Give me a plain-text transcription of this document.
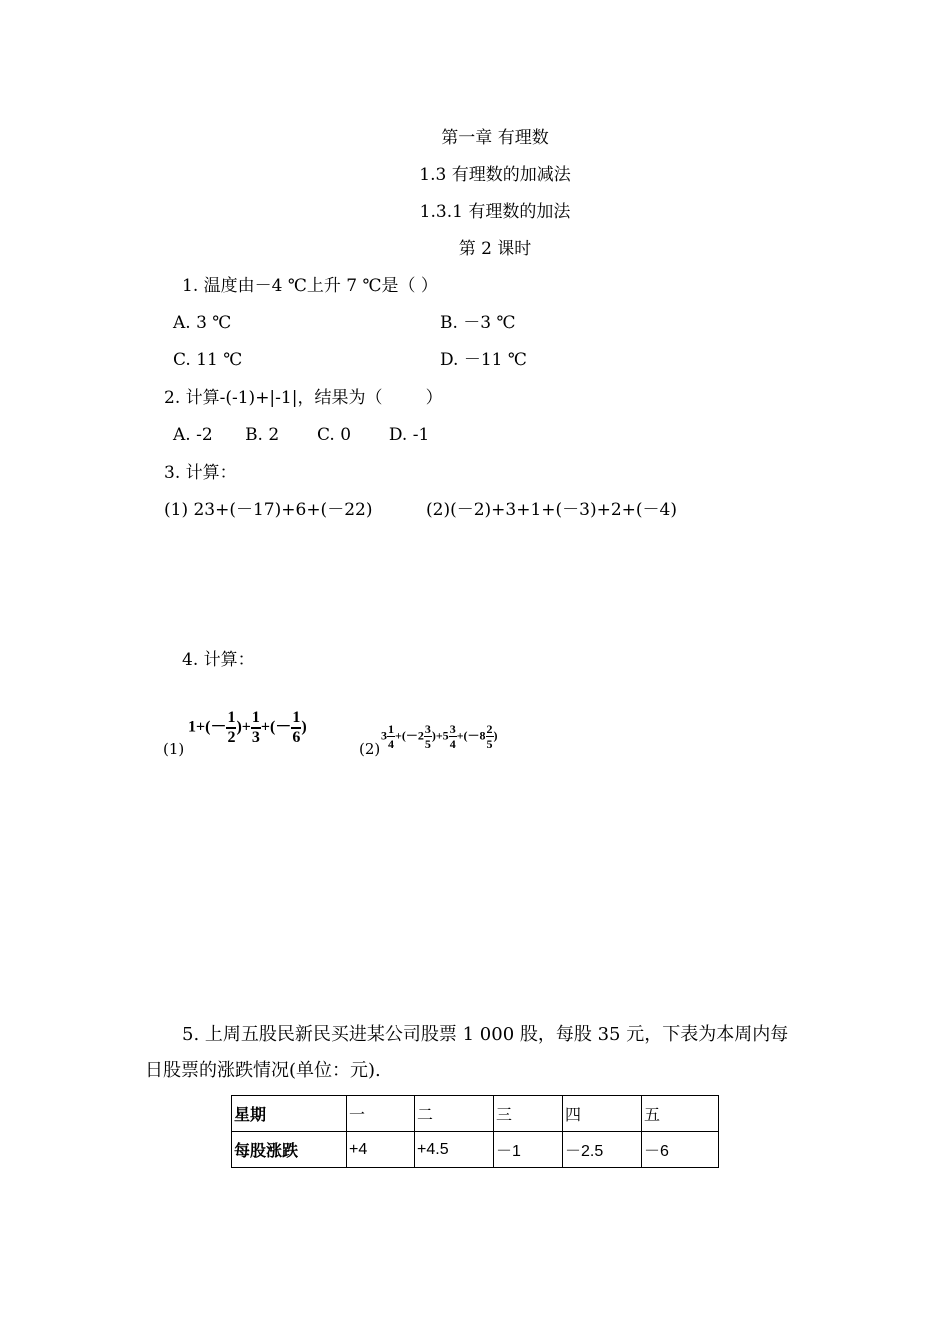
第一章 有理数
1.3 有理数的加减法
1.3.1 有理数的加法
第 2 课时
1. 温度由－4 ℃上升 7 ℃是（ ）
A. 3 ℃	B. －3 ℃
C. 11 ℃	D. －11 ℃
2. 计算-(-1)+|-1|，结果为（        ）
A. -2      B. 2       C. 0       D. -1
3. 计算：
(1) 23+(－17)+6+(－22)	(2)(－2)+3+1+(－3)+2+(－4)
4. 计算：
(1)
$1+(- \frac{1}{2}$ )+ $\frac{1}{3}$ +(－ $\frac{1}{6}$ )
(2)
$3 \frac{1}{4} +(-2 \frac{3}{5} )+5 \frac{3}{4} +(-8 \frac{2}{5}$ )
5. 上周五股民新民买进某公司股票 1 000 股，每股 35 元，下表为本周内每
日股票的涨跌情况(单位：元).
星期	一	二	三	四	五
每股涨跌	+4	+4.5	－1	－2.5	－6
